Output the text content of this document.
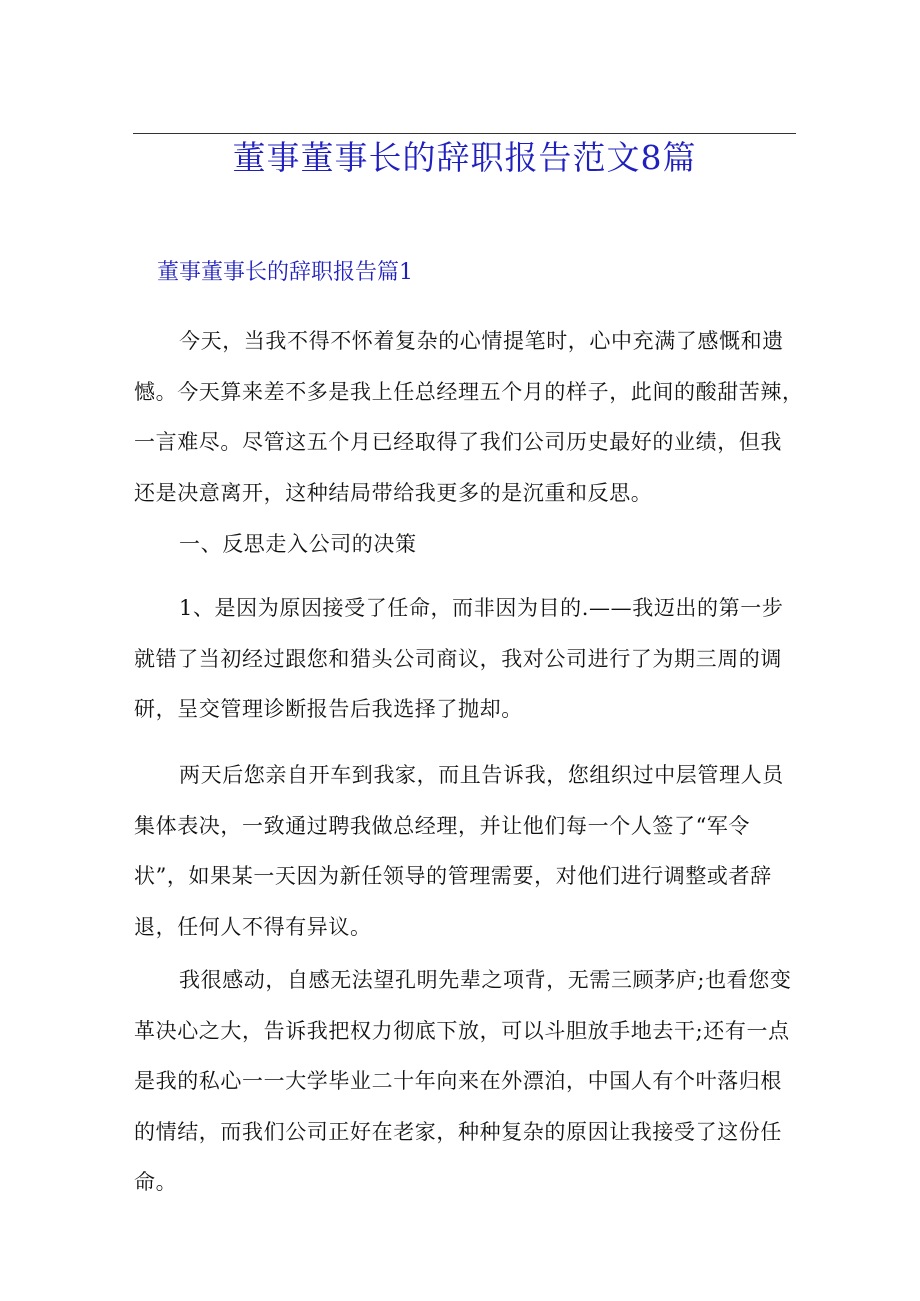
董事董事长的辞职报告范文8篇
董事董事长的辞职报告篇1

今天，当我不得不怀着复杂的心情提笔时，心中充满了感慨和遗
憾。今天算来差不多是我上任总经理五个月的样子，此间的酸甜苦辣，
一言难尽。尽管这五个月已经取得了我们公司历史最好的业绩，但我
还是决意离开，这种结局带给我更多的是沉重和反思。

一、反思走入公司的决策

1、是因为原因接受了任命，而非因为目的.——我迈出的第一步
就错了当初经过跟您和猎头公司商议，我对公司进行了为期三周的调
研，呈交管理诊断报告后我选择了抛却。

两天后您亲自开车到我家，而且告诉我，您组织过中层管理人员
集体表决，一致通过聘我做总经理，并让他们每一个人签了“军令
状”，如果某一天因为新任领导的管理需要，对他们进行调整或者辞
退，任何人不得有异议。

我很感动，自感无法望孔明先辈之项背，无需三顾茅庐;也看您变
革决心之大，告诉我把权力彻底下放，可以斗胆放手地去干;还有一点
是我的私心一一大学毕业二十年向来在外漂泊，中国人有个叶落归根
的情结，而我们公司正好在老家，种种复杂的原因让我接受了这份任
命。
